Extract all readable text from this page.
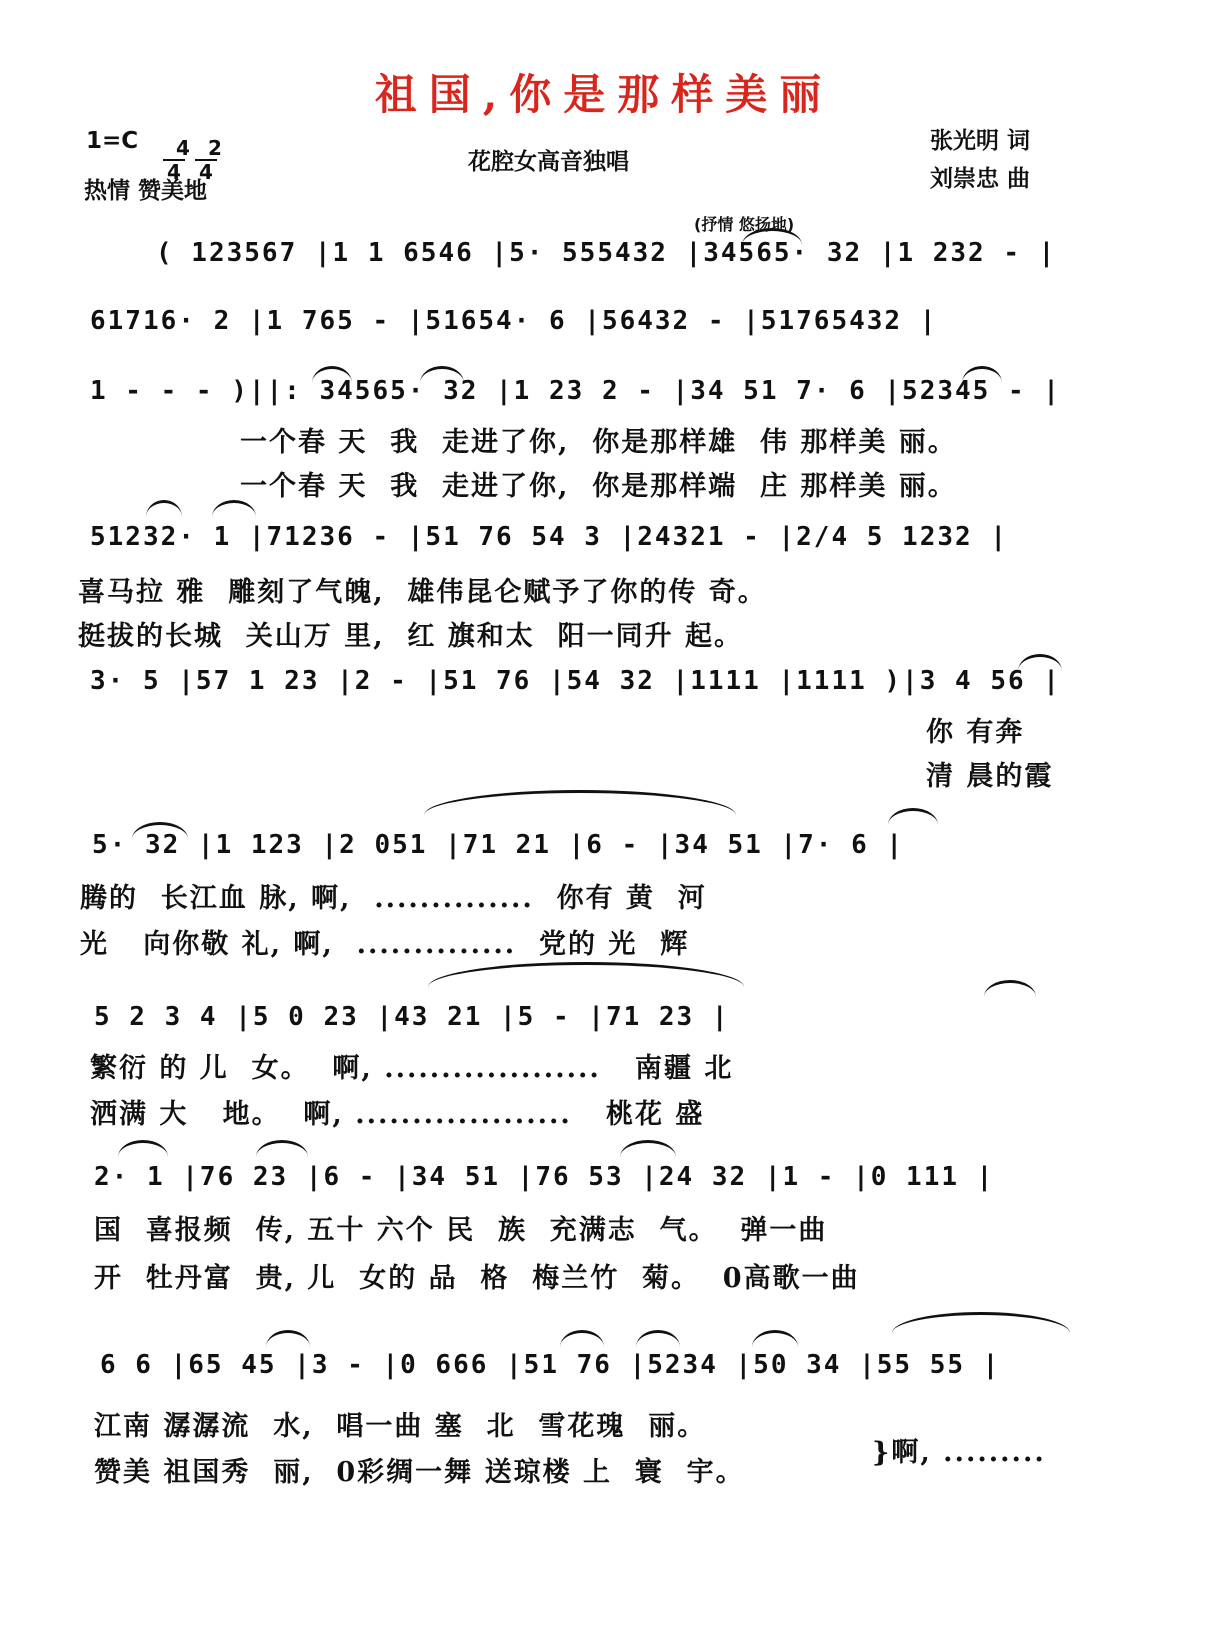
祖国,你是那样美丽
1=C	4
4

2
4

热情 赞美地
花腔女高音独唱
张光明 词
刘崇忠 曲
(抒情 悠扬地)
( 123567 |1 1 6546 |5· 555432 |34565· 32 |1 232 - |
61716· 2 |1 765 - |51654· 6 |56432 - |51765432 |
1 - - - )||: 34565· 32 |1 23 2 - |34 51 7· 6 |52345 - |
一个春 天  我  走进了你,  你是那样雄  伟 那样美 丽。
一个春 天  我  走进了你,  你是那样端  庄 那样美 丽。
51232· 1 |71236 - |51 76 54 3 |24321 - |2/4 5 1232 |
喜马拉 雅  雕刻了气魄,  雄伟昆仑赋予了你的传 奇。
挺拔的长城  关山万 里,  红 旗和太  阳一同升 起。
3· 5 |57 1 23 |2 - |51 76 |54 32 |1111 |1111 )|3 4 56 |
你 有奔
清 晨的霞
5· 32 |1 123 |2 051 |71 21 |6 - |34 51 |7· 6 |
腾的  长江血 脉, 啊,  ..............  你有 黄  河
光   向你敬 礼, 啊,  ..............  党的 光  辉
5 2 3 4 |5 0 23 |43 21 |5 - |71 23 |
繁衍 的 儿  女。  啊, ...................   南疆 北
洒满 大   地。  啊, ...................   桃花 盛
2· 1 |76 23 |6 - |34 51 |76 53 |24 32 |1 - |0 111 |
国  喜报频  传, 五十 六个 民  族  充满志  气。  弹一曲
开  牡丹富  贵, 儿  女的 品  格  梅兰竹  菊。  0高歌一曲
6 6 |65 45 |3 - |0 666 |51 76 |5234 |50 34 |55 55 |
江南 潺潺流  水,  唱一曲 塞  北  雪花瑰  丽。
赞美 祖国秀  丽,  0彩绸一舞 送琼楼 上  寰  宇。
}啊, .........
